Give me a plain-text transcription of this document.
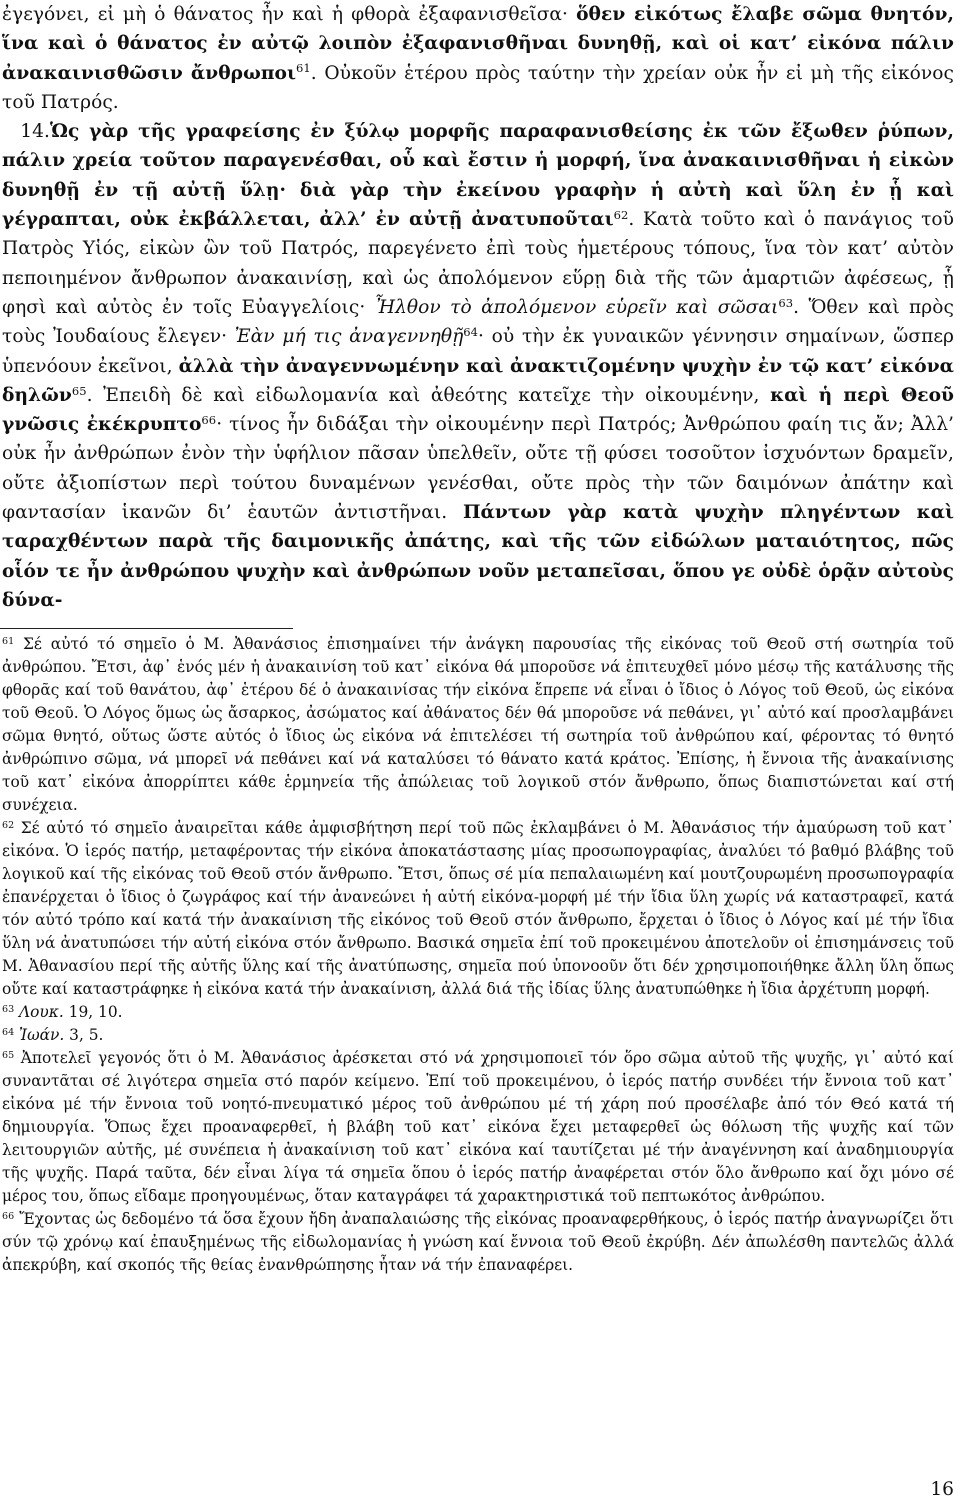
ἐγεγόνει, εἰ μὴ ὁ θάνατος ἦν καὶ ἡ φθορὰ ἐξαφανισθεῖσα· ὅθεν εἰκότως ἔλαβε σῶμα θνητόν, ἵνα καὶ ὁ θάνατος ἐν αὐτῷ λοιπὸν ἐξαφανισθῆναι δυνηθῇ, καὶ οἱ κατ’ εἰκόνα πάλιν ἀνακαινισθῶσιν ἄνθρωποι$^{61}$. Οὐκοῦν ἑτέρου πρὸς ταύτην τὴν χρείαν οὐκ ἦν εἰ μὴ τῆς εἰκόνος τοῦ Πατρός.
14.Ὡς γὰρ τῆς γραφείσης ἐν ξύλῳ μορφῆς παραφανισθείσης ἐκ τῶν ἔξωθεν ῥύπων, πάλιν χρεία τοῦτον παραγενέσθαι, οὗ καὶ ἔστιν ἡ μορφή, ἵνα ἀνακαινισθῆναι ἡ εἰκὼν δυνηθῇ ἐν τῇ αὐτῇ ὕλῃ· διὰ γὰρ τὴν ἐκείνου γραφὴν ἡ αὐτὴ καὶ ὕλη ἐν ᾗ καὶ γέγραπται, οὐκ ἐκβάλλεται, ἀλλ’ ἐν αὐτῇ ἀνατυποῦται$^{62}$. Κατὰ τοῦτο καὶ ὁ πανάγιος τοῦ Πατρὸς Υἱός, εἰκὼν ὢν τοῦ Πατρός, παρεγένετο ἐπὶ τοὺς ἡμετέρους τόπους, ἵνα τὸν κατ’ αὐτὸν πεποιημένον ἄνθρωπον ἀνακαινίσῃ, καὶ ὡς ἀπολόμενον εὕρῃ διὰ τῆς τῶν ἁμαρτιῶν ἀφέσεως, ᾗ φησὶ καὶ αὐτὸς ἐν τοῖς Εὐαγγελίοις· Ἦλθον τὸ ἀπολόμενον εὑρεῖν καὶ σῶσαι$^{63}$. Ὅθεν καὶ πρὸς τοὺς Ἰουδαίους ἔλεγεν· Ἐὰν μή τις ἀναγεννηθῇ$^{64}$· οὐ τὴν ἐκ γυναικῶν γέννησιν σημαίνων, ὥσπερ ὑπενόουν ἐκεῖνοι, ἀλλὰ τὴν ἀναγεννωμένην καὶ ἀνακτιζομένην ψυχὴν ἐν τῷ κατ’ εἰκόνα δηλῶν$^{65}$. Ἐπειδὴ δὲ καὶ εἰδωλομανία καὶ ἀθεότης κατεῖχε τὴν οἰκουμένην, καὶ ἡ περὶ Θεοῦ γνῶσις ἐκέκρυπτο$^{66}$· τίνος ἦν διδάξαι τὴν οἰκουμένην περὶ Πατρός; Ἀνθρώπου φαίη τις ἄν; Ἀλλ’ οὐκ ἦν ἀνθρώπων ἐνὸν τὴν ὑφήλιον πᾶσαν ὑπελθεῖν, οὔτε τῇ φύσει τοσοῦτον ἰσχυόντων δραμεῖν, οὔτε ἀξιοπίστων περὶ τούτου δυναμένων γενέσθαι, οὔτε πρὸς τὴν τῶν δαιμόνων ἀπάτην καὶ φαντασίαν ἱκανῶν δι’ ἑαυτῶν ἀντιστῆναι. Πάντων γὰρ κατὰ ψυχὴν πληγέντων καὶ ταραχθέντων παρὰ τῆς δαιμονικῆς ἀπάτης, καὶ τῆς τῶν εἰδώλων ματαιότητος, πῶς οἷόν τε ἦν ἀνθρώπου ψυχὴν καὶ ἀνθρώπων νοῦν μεταπεῖσαι, ὅπου γε οὐδὲ ὁρᾷν αὐτοὺς δύνα-

$^{61}$ Σέ αὐτό τό σημεῖο ὁ Μ. Ἀθανάσιος ἐπισημαίνει τήν ἀνάγκη παρουσίας τῆς εἰκόνας τοῦ Θεοῦ στή σωτηρία τοῦ ἀνθρώπου. Ἔτσι, ἀφ᾿ ἑνός μέν ἡ ἀνακαινίση τοῦ κατ᾿ εἰκόνα θά μποροῦσε νά ἐπιτευχθεῖ μόνο μέσῳ τῆς κατάλυσης τῆς φθορᾶς καί τοῦ θανάτου, ἀφ᾿ ἑτέρου δέ ὁ ἀνακαινίσας τήν εἰκόνα ἔπρεπε νά εἶναι ὁ ἴδιος ὁ Λόγος τοῦ Θεοῦ, ὡς εἰκόνα τοῦ Θεοῦ. Ὁ Λόγος ὅμως ὡς ἄσαρκος, ἀσώματος καί ἀθάνατος δέν θά μποροῦσε νά πεθάνει, γι᾿ αὐτό καί προσλαμβάνει σῶμα θνητό, οὕτως ὥστε αὐτός ὁ ἴδιος ὡς εἰκόνα νά ἐπιτελέσει τή σωτηρία τοῦ ἀνθρώπου καί, φέροντας τό θνητό ἀνθρώπινο σῶμα, νά μπορεῖ νά πεθάνει καί νά καταλύσει τό θάνατο κατά κράτος. Ἐπίσης, ἡ ἔννοια τῆς ἀνακαίνισης τοῦ κατ᾿ εἰκόνα ἀπορρίπτει κάθε ἑρμηνεία τῆς ἀπώλειας τοῦ λογικοῦ στόν ἄνθρωπο, ὅπως διαπιστώνεται καί στή συνέχεια.

$^{62}$ Σέ αὐτό τό σημεῖο ἀναιρεῖται κάθε ἀμφισβήτηση περί τοῦ πῶς ἐκλαμβάνει ὁ Μ. Ἀθανάσιος τήν ἀμαύρωση τοῦ κατ᾿ εἰκόνα. Ὁ ἱερός πατήρ, μεταφέροντας τήν εἰκόνα ἀποκατάστασης μίας προσωπογραφίας, ἀναλύει τό βαθμό βλάβης τοῦ λογικοῦ καί τῆς εἰκόνας τοῦ Θεοῦ στόν ἄνθρωπο. Ἔτσι, ὅπως σέ μία πεπαλαιωμένη καί μουτζουρωμένη προσωπογραφία ἐπανέρχεται ὁ ἴδιος ὁ ζωγράφος καί τήν ἀνανεώνει ἡ αὐτή εἰκόνα-μορφή μέ τήν ἴδια ὕλη χωρίς νά καταστραφεῖ, κατά τόν αὐτό τρόπο καί κατά τήν ἀνακαίνιση τῆς εἰκόνος τοῦ Θεοῦ στόν ἄνθρωπο, ἔρχεται ὁ ἴδιος ὁ Λόγος καί μέ τήν ἴδια ὕλη νά ἀνατυπώσει τήν αὐτή εἰκόνα στόν ἄνθρωπο. Βασικά σημεῖα ἐπί τοῦ προκειμένου ἀποτελοῦν οἱ ἐπισημάνσεις τοῦ Μ. Ἀθανασίου περί τῆς αὐτῆς ὕλης καί τῆς ἀνατύπωσης, σημεῖα πού ὑπονοοῦν ὅτι δέν χρησιμοποιήθηκε ἄλλη ὕλη ὅπως οὔτε καί καταστράφηκε ἡ εἰκόνα κατά τήν ἀνακαίνιση, ἀλλά διά τῆς ἰδίας ὕλης ἀνατυπώθηκε ἡ ἴδια ἀρχέτυπη μορφή.

$^{63}$ Λουκ. 19, 10.

$^{64}$ Ἰωάν. 3, 5.

$^{65}$ Ἀποτελεῖ γεγονός ὅτι ὁ Μ. Ἀθανάσιος ἀρέσκεται στό νά χρησιμοποιεῖ τόν ὅρο σῶμα αὐτοῦ τῆς ψυχῆς, γι᾿ αὐτό καί συναντᾶται σέ λιγότερα σημεῖα στό παρόν κείμενο. Ἐπί τοῦ προκειμένου, ὁ ἱερός πατήρ συνδέει τήν ἔννοια τοῦ κατ᾿ εἰκόνα μέ τήν ἔννοια τοῦ νοητό-πνευματικό μέρος τοῦ ἀνθρώπου μέ τή χάρη πού προσέλαβε ἀπό τόν Θεό κατά τή δημιουργία. Ὅπως ἔχει προαναφερθεῖ, ἡ βλάβη τοῦ κατ᾿ εἰκόνα ἔχει μεταφερθεῖ ὡς θόλωση τῆς ψυχῆς καί τῶν λειτουργιῶν αὐτῆς, μέ συνέπεια ἡ ἀνακαίνιση τοῦ κατ᾿ εἰκόνα καί ταυτίζεται μέ τήν ἀναγέννηση καί ἀναδημιουργία τῆς ψυχῆς. Παρά ταῦτα, δέν εἶναι λίγα τά σημεῖα ὅπου ὁ ἱερός πατήρ ἀναφέρεται στόν ὅλο ἄνθρωπο καί ὄχι μόνο σέ μέρος του, ὅπως εἴδαμε προηγουμένως, ὅταν καταγράφει τά χαρακτηριστικά τοῦ πεπτωκότος ἀνθρώπου.

$^{66}$ Ἔχοντας ὡς δεδομένο τά ὅσα ἔχουν ἤδη ἀναπαλαιώσης τῆς εἰκόνας προαναφερθήκους, ὁ ἱερός πατήρ ἀναγνωρίζει ὅτι σύν τῷ χρόνῳ καί ἐπαυξημένως τῆς εἰδωλομανίας ἡ γνώση καί ἔννοια τοῦ Θεοῦ ἐκρύβη. Δέν ἀπωλέσθη παντελῶς ἀλλά ἀπεκρύβη, καί σκοπός τῆς θείας ἐνανθρώπησης ἦταν νά τήν ἐπαναφέρει.

16
